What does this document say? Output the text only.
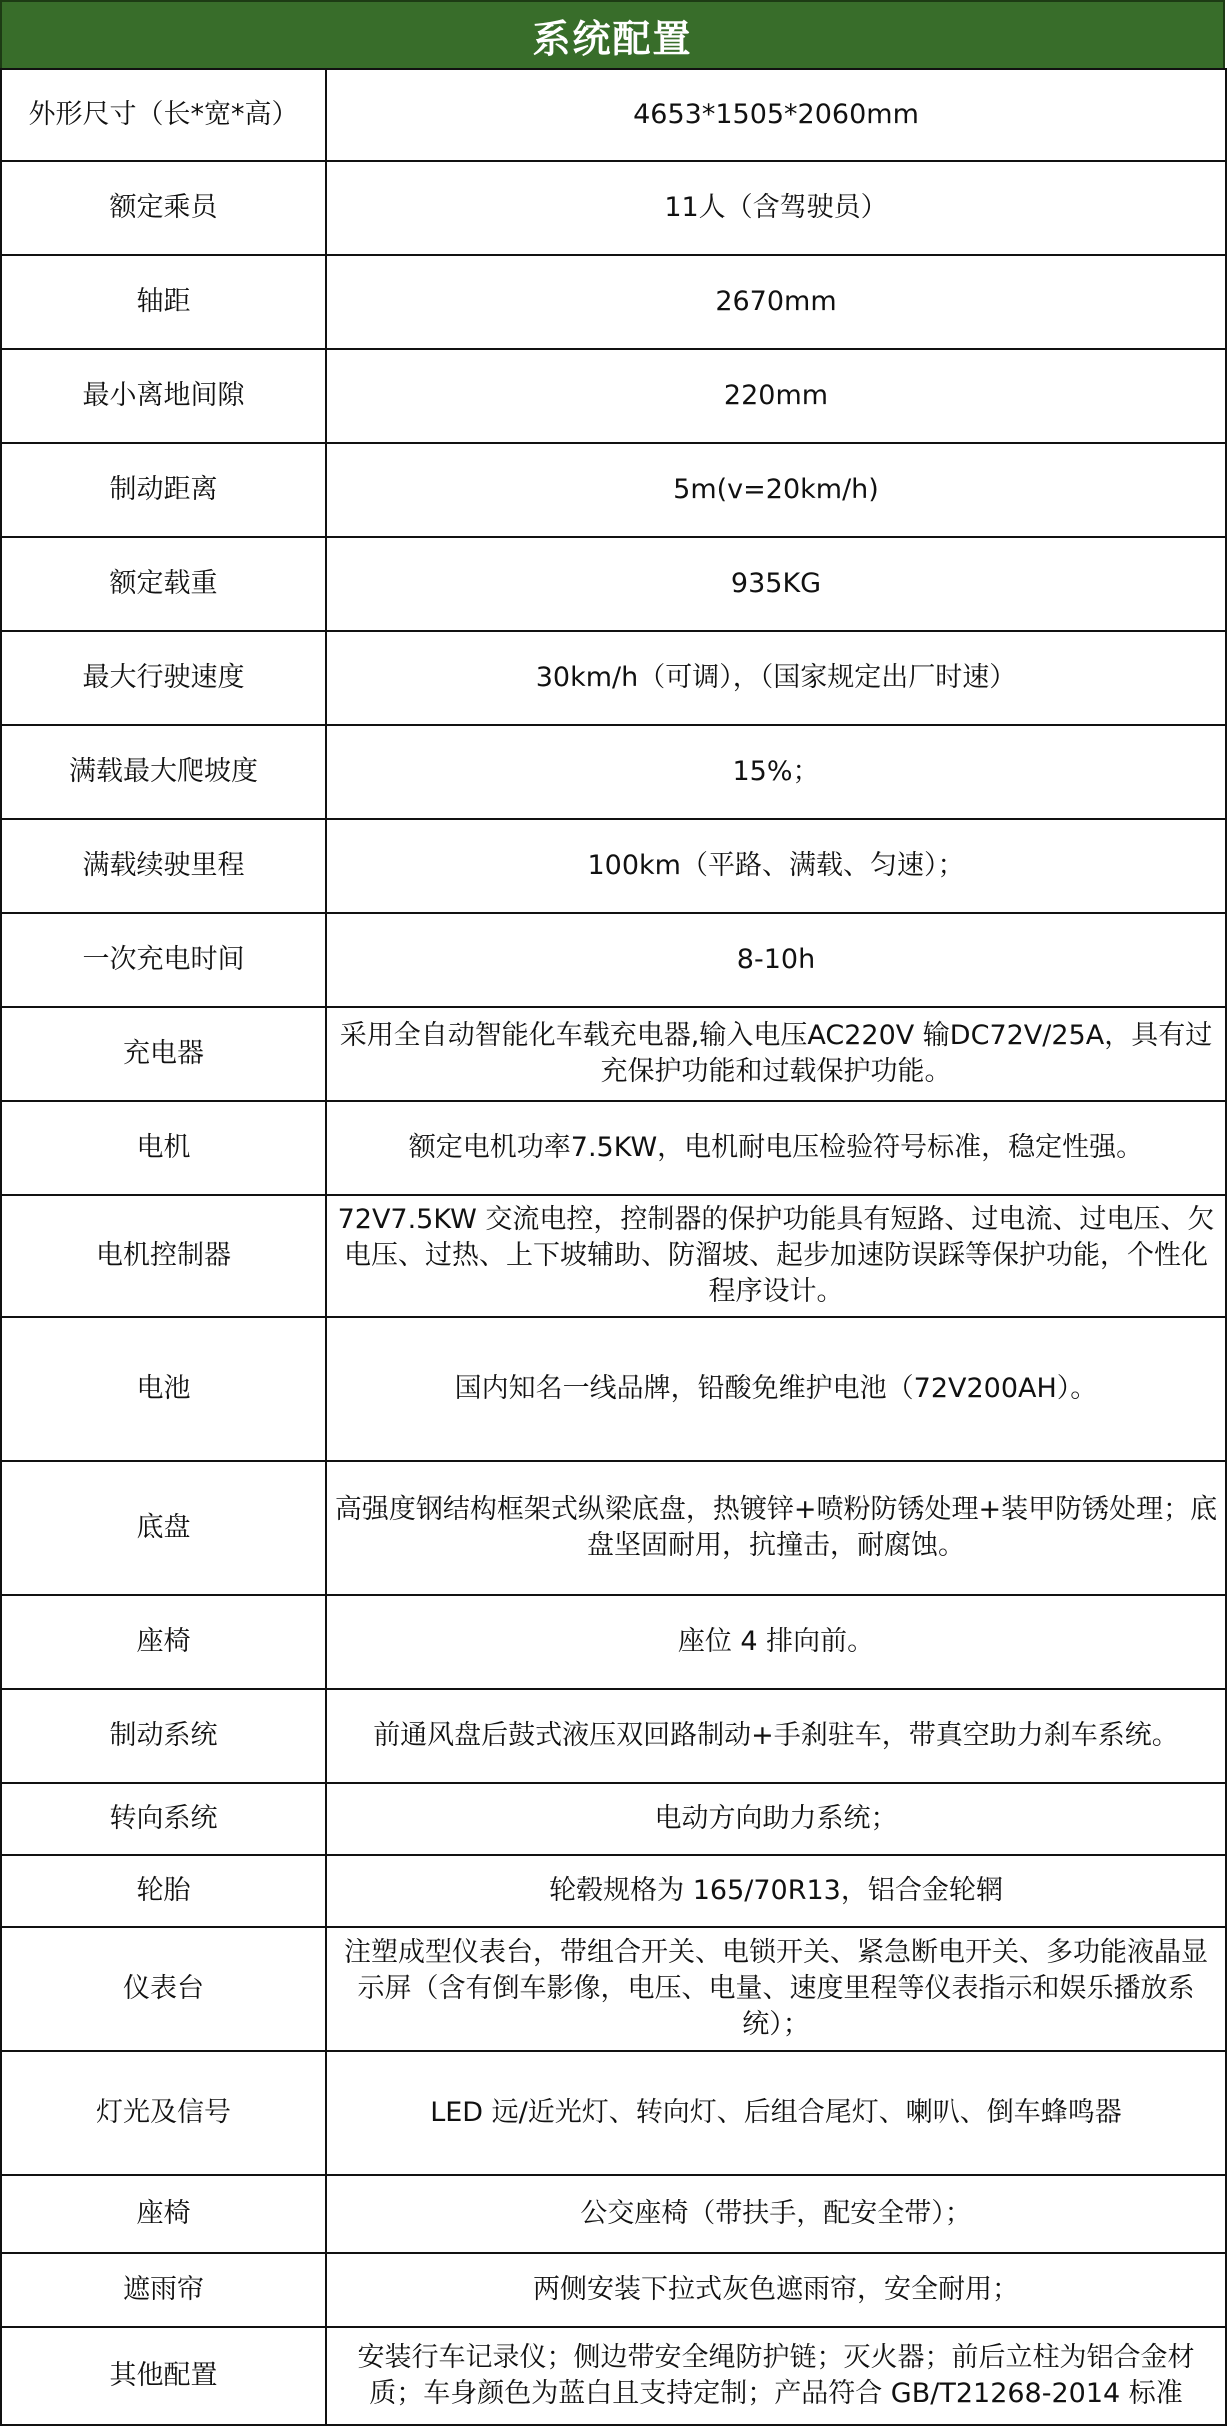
系统配置
外形尺寸（长*宽*高）	4653*1505*2060mm
额定乘员	11人（含驾驶员）
轴距	2670mm
最小离地间隙	220mm
制动距离	5m(v=20km/h)
额定载重	935KG
最大行驶速度	30km/h（可调），（国家规定出厂时速）
满载最大爬坡度	15%；
满载续驶里程	100km（平路、满载、匀速）；
一次充电时间	8-10h
充电器	采用全自动智能化车载充电器,输入电压AC220V 输DC72V/25A，具有过充保护功能和过载保护功能。
电机	额定电机功率7.5KW，电机耐电压检验符号标准，稳定性强。
电机控制器	72V7.5KW 交流电控，控制器的保护功能具有短路、过电流、过电压、欠电压、过热、上下坡辅助、防溜坡、起步加速防误踩等保护功能，个性化程序设计。
电池	国内知名一线品牌，铅酸免维护电池（72V200AH）。
底盘	高强度钢结构框架式纵梁底盘，热镀锌+喷粉防锈处理+装甲防锈处理；底盘坚固耐用，抗撞击，耐腐蚀。
座椅	座位 4 排向前。
制动系统	前通风盘后鼓式液压双回路制动+手刹驻车，带真空助力刹车系统。
转向系统	电动方向助力系统；
轮胎	轮毂规格为 165/70R13，铝合金轮辋
仪表台	注塑成型仪表台，带组合开关、电锁开关、紧急断电开关、多功能液晶显示屏（含有倒车影像，电压、电量、速度里程等仪表指示和娱乐播放系统）；
灯光及信号	LED 远/近光灯、转向灯、后组合尾灯、喇叭、倒车蜂鸣器
座椅	公交座椅（带扶手，配安全带）；
遮雨帘	两侧安装下拉式灰色遮雨帘，安全耐用；
其他配置	安装行车记录仪；侧边带安全绳防护链；灭火器；前后立柱为铝合金材质；车身颜色为蓝白且支持定制；产品符合 GB/T21268-2014 标准
